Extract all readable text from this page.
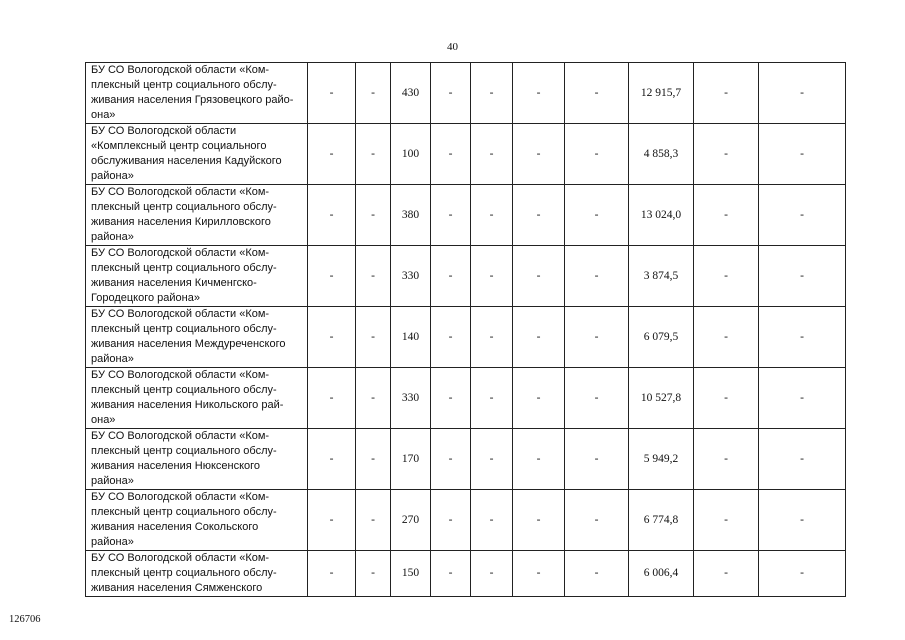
40
БУ СО Вологодской области «Ком-
плексный центр социального обслу-
живания населения Грязовецкого райо-
она»	-	-	430	-	-	-	-	12 915,7	-	-

БУ СО Вологодской области
«Комплексный центр социального
обслуживания населения Кадуйского
района»	-	-	100	-	-	-	-	4 858,3	-	-

БУ СО Вологодской области «Ком-
плексный центр социального обслу-
живания населения Кирилловского
района»	-	-	380	-	-	-	-	13 024,0	-	-

БУ СО Вологодской области «Ком-
плексный центр социального обслу-
живания населения Кичменгско-
Городецкого района»	-	-	330	-	-	-	-	3 874,5	-	-

БУ СО Вологодской области «Ком-
плексный центр социального обслу-
живания населения Междуреченского
района»	-	-	140	-	-	-	-	6 079,5	-	-

БУ СО Вологодской области «Ком-
плексный центр социального обслу-
живания населения Никольского рай-
она»	-	-	330	-	-	-	-	10 527,8	-	-

БУ СО Вологодской области «Ком-
плексный центр социального обслу-
живания населения Нюксенского
района»	-	-	170	-	-	-	-	5 949,2	-	-

БУ СО Вологодской области «Ком-
плексный центр социального обслу-
живания населения Сокольского
района»	-	-	270	-	-	-	-	6 774,8	-	-

БУ СО Вологодской области «Ком-
плексный центр социального обслу-
живания населения Сямженского	-	-	150	-	-	-	-	6 006,4	-	-
126706
